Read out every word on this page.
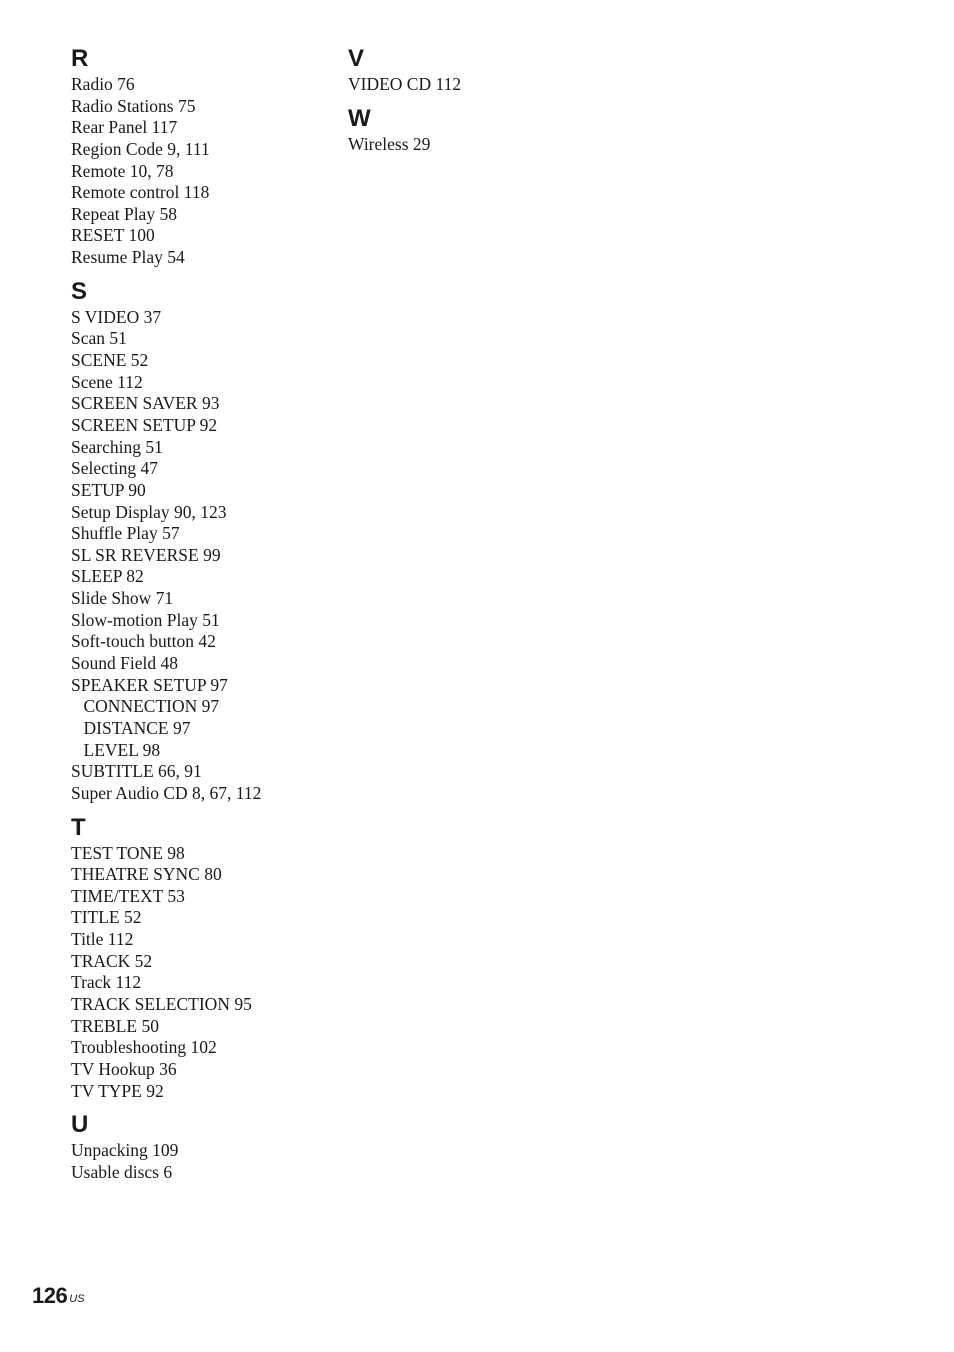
R
Radio 76
Radio Stations 75
Rear Panel 117
Region Code 9, 111
Remote 10, 78
Remote control 118
Repeat Play 58
RESET 100
Resume Play 54
S
S VIDEO 37
Scan 51
SCENE 52
Scene 112
SCREEN SAVER 93
SCREEN SETUP 92
Searching 51
Selecting 47
SETUP 90
Setup Display 90, 123
Shuffle Play 57
SL SR REVERSE 99
SLEEP 82
Slide Show 71
Slow-motion Play 51
Soft-touch button 42
Sound Field 48
SPEAKER SETUP 97
CONNECTION 97
DISTANCE 97
LEVEL 98
SUBTITLE 66, 91
Super Audio CD 8, 67, 112
T
TEST TONE 98
THEATRE SYNC 80
TIME/TEXT 53
TITLE 52
Title 112
TRACK 52
Track 112
TRACK SELECTION 95
TREBLE 50
Troubleshooting 102
TV Hookup 36
TV TYPE 92
U
Unpacking 109
Usable discs 6
V
VIDEO CD 112
W
Wireless 29
126 $^{US}$
